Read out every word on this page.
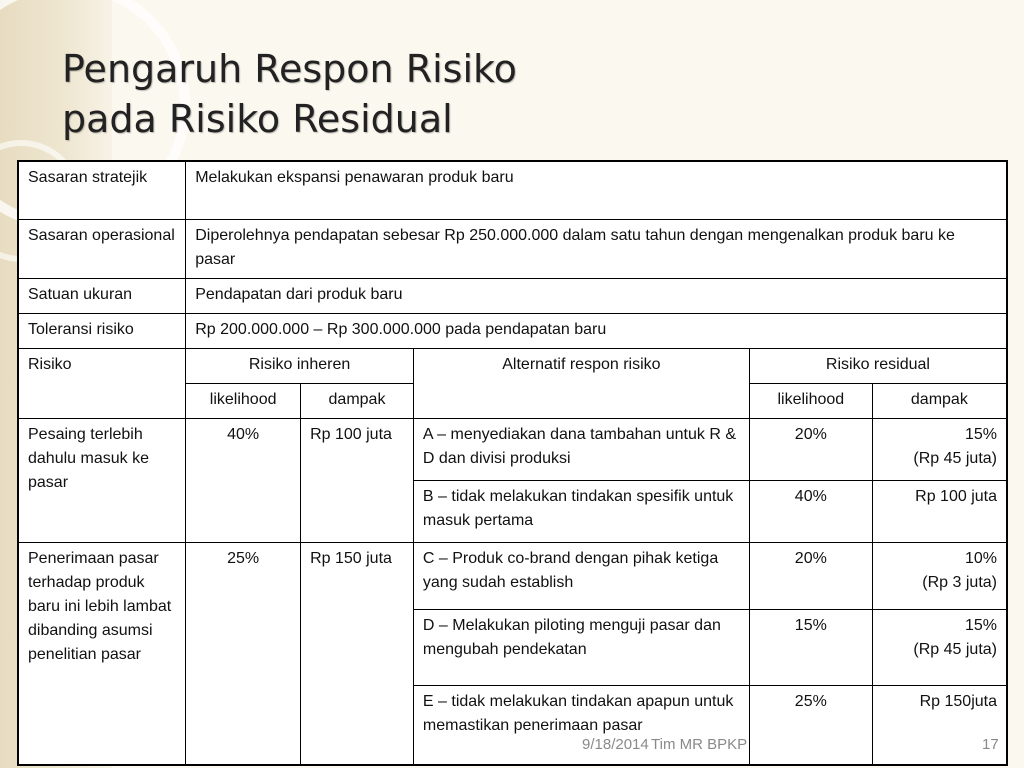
Pengaruh Respon Risiko
pada Risiko Residual
Sasaran stratejik	Melakukan ekspansi penawaran produk baru				
Sasaran operasional	Diperolehnya pendapatan sebesar Rp 250.000.000 dalam satu tahun dengan mengenalkan produk baru ke pasar				
Satuan ukuran	Pendapatan dari produk baru				
Toleransi risiko	Rp 200.000.000 – Rp 300.000.000 pada pendapatan baru				
Risiko	Risiko inheren		Alternatif respon risiko	Risiko residual	
	likelihood	dampak		likelihood	dampak
Pesaing terlebih dahulu masuk ke pasar	40%	Rp 100 juta	A – menyediakan dana tambahan untuk R & D dan divisi produksi	20%	15%
(Rp 45 juta)

			B – tidak melakukan tindakan spesifik untuk masuk pertama	40%	Rp 100 juta

Penerimaan pasar terhadap produk baru ini lebih lambat dibanding asumsi penelitian pasar	25%	Rp 150 juta	C – Produk co-brand dengan pihak ketiga yang sudah establish	20%	10%
(Rp 3 juta)

			D – Melakukan piloting menguji pasar dan mengubah pendekatan	15%	15%
(Rp 45 juta)

			E – tidak melakukan tindakan apapun untuk memastikan penerimaan pasar	25%	Rp 150juta
9/18/2014 Tim MR BPKP	17
